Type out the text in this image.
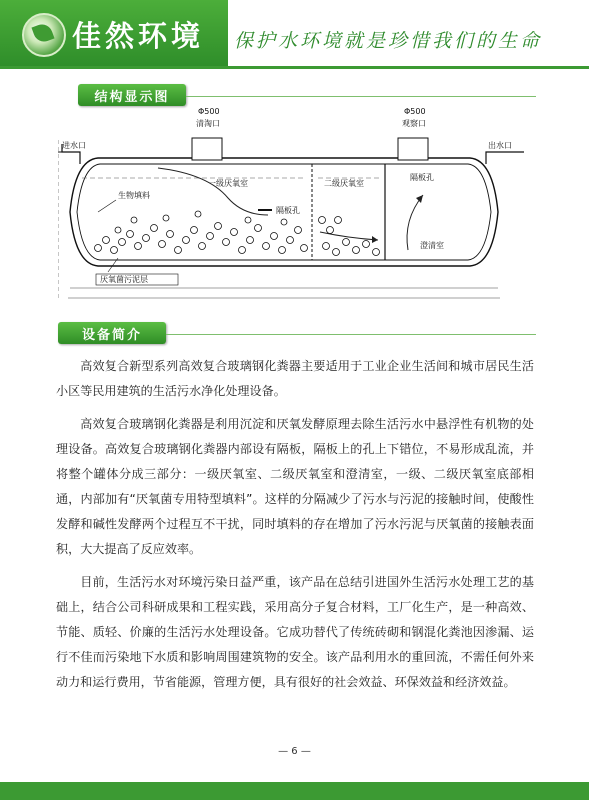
佳然环境 保护水环境就是珍惜我们的生命
结构显示图
Φ500
清淘口
Φ500
观察口
进水口	出水口
生物填料
一级厌氧室
隔板孔
二级厌氧室
隔板孔
澄清室
厌氧菌污泥层
设备简介

高效复合新型系列高效复合玻璃钢化粪器主要适用于工业企业生活间和城市居民生活小区等民用建筑的生活污水净化处理设备。

高效复合玻璃钢化粪器是利用沉淀和厌氧发酵原理去除生活污水中悬浮性有机物的处理设备。高效复合玻璃钢化粪器内部设有隔板，隔板上的孔上下错位，不易形成乱流，并将整个罐体分成三部分：一级厌氧室、二级厌氧室和澄清室，一级、二级厌氧室底部相通，内部加有“厌氧菌专用特型填料”。这样的分隔减少了污水与污泥的接触时间，使酸性发酵和碱性发酵两个过程互不干扰，同时填料的存在增加了污水污泥与厌氧菌的接触表面积，大大提高了反应效率。

目前，生活污水对环境污染日益严重，该产品在总结引进国外生活污水处理工艺的基础上，结合公司科研成果和工程实践，采用高分子复合材料，工厂化生产，是一种高效、节能、质轻、价廉的生活污水处理设备。它成功替代了传统砖砌和钢混化粪池因渗漏、运行不佳而污染地下水质和影响周围建筑物的安全。该产品利用水的重回流，不需任何外来动力和运行费用，节省能源，管理方便，具有很好的社会效益、环保效益和经济效益。

— 6 —
